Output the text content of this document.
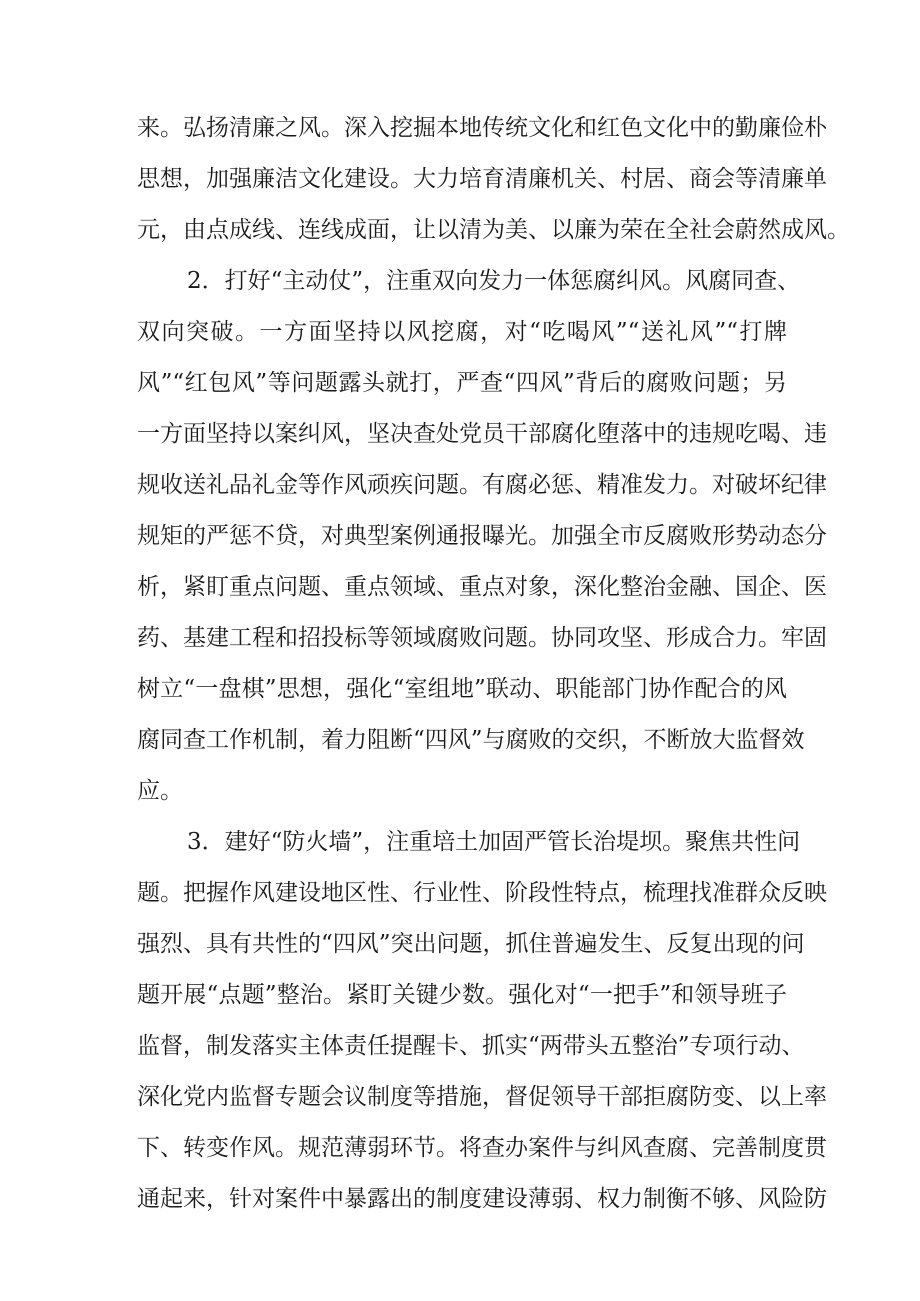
来。弘扬清廉之风。深入挖掘本地传统文化和红色文化中的勤廉俭朴
思想，加强廉洁文化建设。大力培育清廉机关、村居、商会等清廉单
元，由点成线、连线成面，让以清为美、以廉为荣在全社会蔚然成风。
2．打好“主动仗”，注重双向发力一体惩腐纠风。风腐同查、
双向突破。一方面坚持以风挖腐，对“吃喝风”“送礼风”“打牌
风”“红包风”等问题露头就打，严查“四风”背后的腐败问题；另
一方面坚持以案纠风，坚决查处党员干部腐化堕落中的违规吃喝、违
规收送礼品礼金等作风顽疾问题。有腐必惩、精准发力。对破坏纪律
规矩的严惩不贷，对典型案例通报曝光。加强全市反腐败形势动态分
析，紧盯重点问题、重点领域、重点对象，深化整治金融、国企、医
药、基建工程和招投标等领域腐败问题。协同攻坚、形成合力。牢固
树立“一盘棋”思想，强化“室组地”联动、职能部门协作配合的风
腐同查工作机制，着力阻断“四风”与腐败的交织，不断放大监督效
应。
3．建好“防火墙”，注重培土加固严管长治堤坝。聚焦共性问
题。把握作风建设地区性、行业性、阶段性特点，梳理找准群众反映
强烈、具有共性的“四风”突出问题，抓住普遍发生、反复出现的问
题开展“点题”整治。紧盯关键少数。强化对“一把手”和领导班子
监督，制发落实主体责任提醒卡、抓实“两带头五整治”专项行动、
深化党内监督专题会议制度等措施，督促领导干部拒腐防变、以上率
下、转变作风。规范薄弱环节。将查办案件与纠风查腐、完善制度贯
通起来，针对案件中暴露出的制度建设薄弱、权力制衡不够、风险防
